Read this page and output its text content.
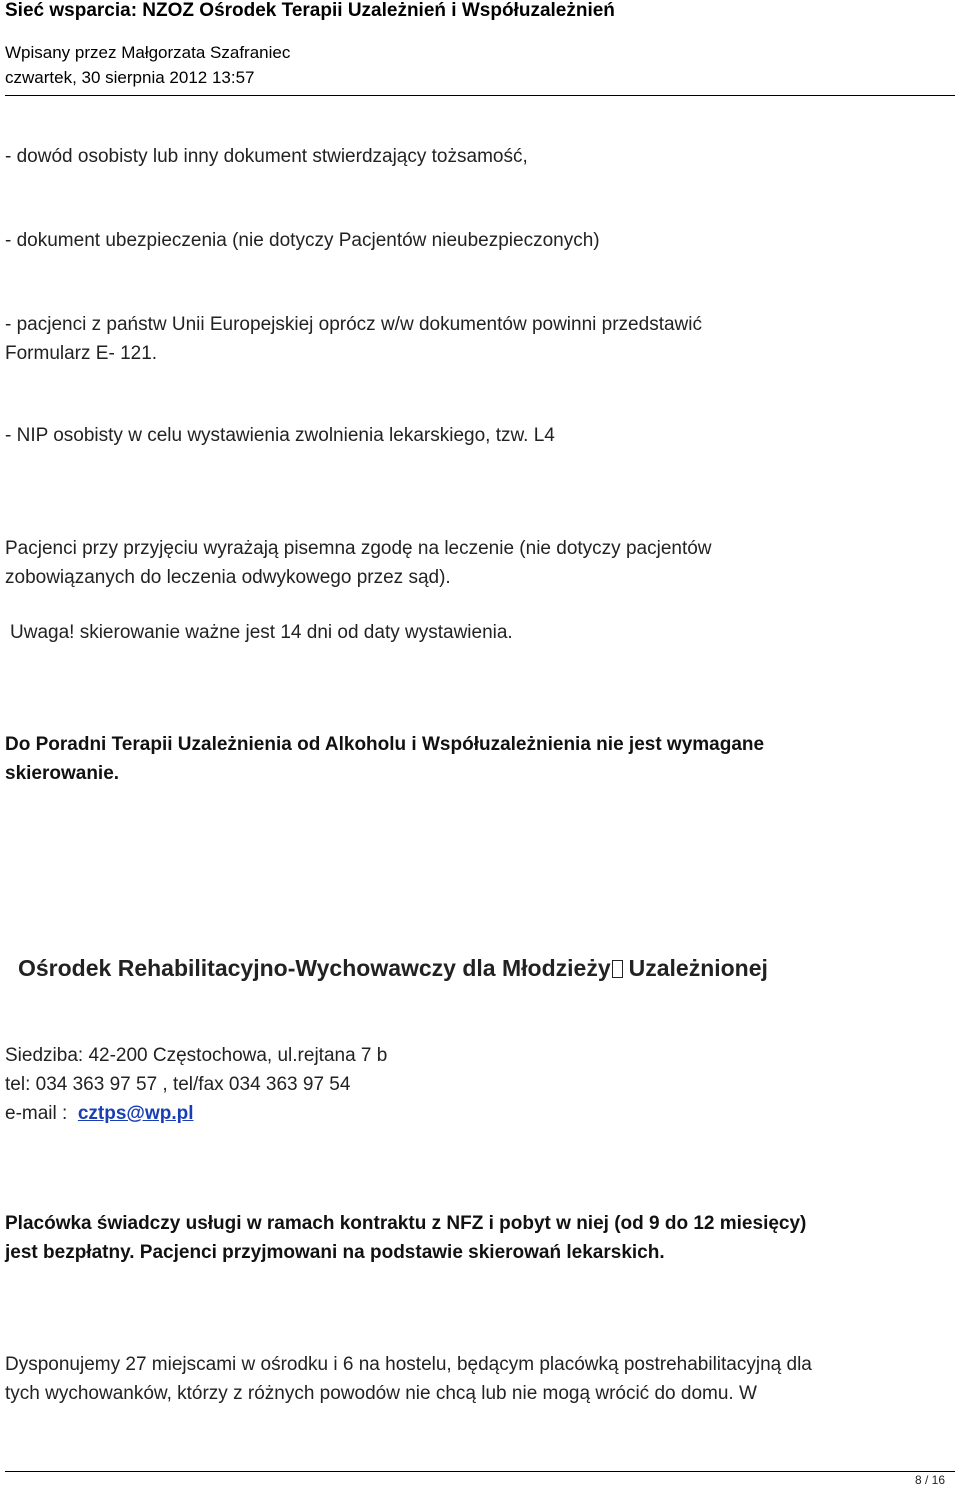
Sieć wsparcia: NZOZ Ośrodek Terapii Uzależnień i Współuzależnień
Wpisany przez Małgorzata Szafraniec
czwartek, 30 sierpnia 2012 13:57
- dowód osobisty lub inny dokument stwierdzający tożsamość,
- dokument ubezpieczenia (nie dotyczy Pacjentów nieubezpieczonych)
- pacjenci z państw Unii Europejskiej oprócz w/w dokumentów powinni przedstawić
Formularz E- 121.
- NIP osobisty w celu wystawienia zwolnienia lekarskiego, tzw. L4
Pacjenci przy przyjęciu wyrażają pisemna zgodę na leczenie (nie dotyczy pacjentów
zobowiązanych do leczenia odwykowego przez sąd).
Uwaga! skierowanie ważne jest 14 dni od daty wystawienia.
Do Poradni Terapii Uzależnienia od Alkoholu i Współuzależnienia nie jest wymagane
skierowanie.
Ośrodek Rehabilitacyjno-Wychowawczy dla Młodzieży Uzależnionej
Siedziba: 42-200 Częstochowa, ul.rejtana 7 b
tel: 034 363 97 57 , tel/fax 034 363 97 54
e-mail : cztps@wp.pl
Placówka świadczy usługi w ramach kontraktu z NFZ i pobyt w niej (od 9 do 12 miesięcy)
jest bezpłatny. Pacjenci przyjmowani na podstawie skierowań lekarskich.
Dysponujemy 27 miejscami w ośrodku i 6 na hostelu, będącym placówką postrehabilitacyjną dla
tych wychowanków, którzy z różnych powodów nie chcą lub nie mogą wrócić do domu. W
8 / 16
